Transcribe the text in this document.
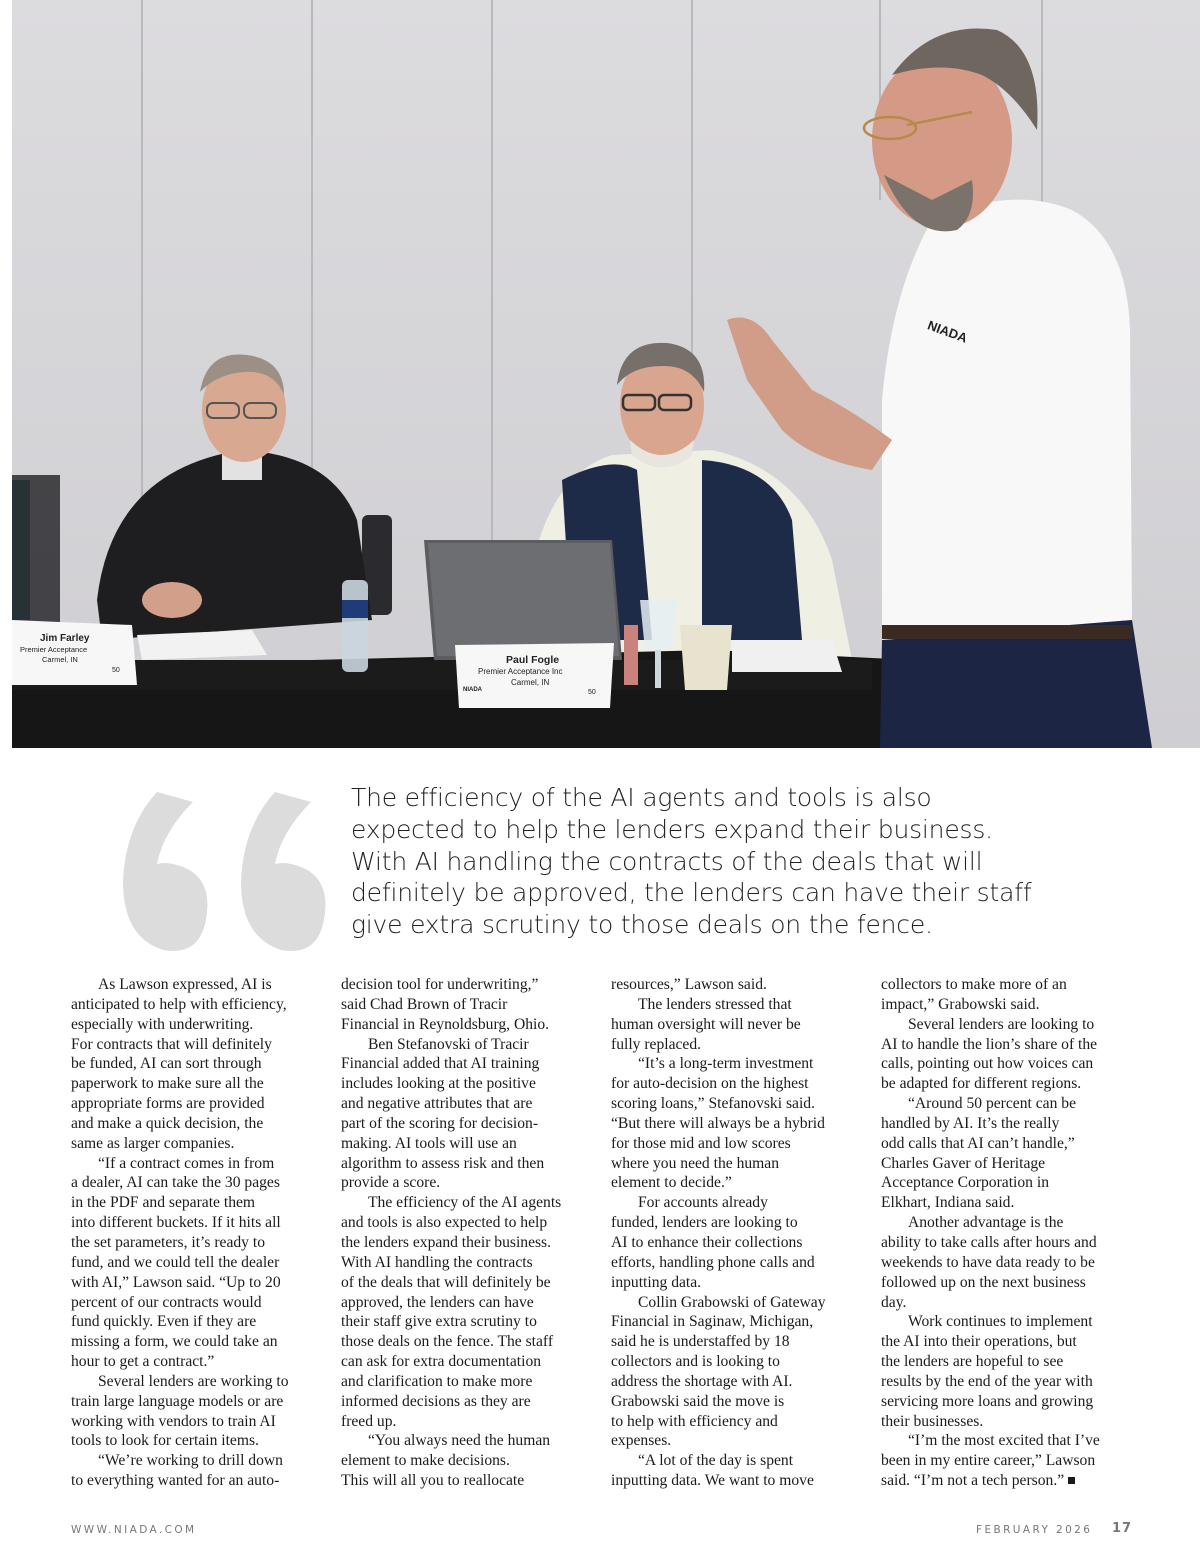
Jim Farley
Premier Acceptance
Carmel, IN
50
Paul Fogle
Premier Acceptance Inc
Carmel, IN
NIADA	50
NIADA
The efficiency of the AI agents and tools is also
expected to help the lenders expand their business.
With AI handling the contracts of the deals that will
definitely be approved, the lenders can have their staff
give extra scrutiny to those deals on the fence.
As Lawson expressed, AI is
anticipated to help with efficiency,
especially with underwriting.
For contracts that will definitely
be funded, AI can sort through
paperwork to make sure all the
appropriate forms are provided
and make a quick decision, the
same as larger companies.
“If a contract comes in from
a dealer, AI can take the 30 pages
in the PDF and separate them
into different buckets. If it hits all
the set parameters, it’s ready to
fund, and we could tell the dealer
with AI,” Lawson said. “Up to 20
percent of our contracts would
fund quickly. Even if they are
missing a form, we could take an
hour to get a contract.”
Several lenders are working to
train large language models or are
working with vendors to train AI
tools to look for certain items.
“We’re working to drill down
to everything wanted for an auto-
decision tool for underwriting,”
said Chad Brown of Tracir
Financial in Reynoldsburg, Ohio.
Ben Stefanovski of Tracir
Financial added that AI training
includes looking at the positive
and negative attributes that are
part of the scoring for decision-
making. AI tools will use an
algorithm to assess risk and then
provide a score.
The efficiency of the AI agents
and tools is also expected to help
the lenders expand their business.
With AI handling the contracts
of the deals that will definitely be
approved, the lenders can have
their staff give extra scrutiny to
those deals on the fence. The staff
can ask for extra documentation
and clarification to make more
informed decisions as they are
freed up.
“You always need the human
element to make decisions.
This will all you to reallocate
resources,” Lawson said.
The lenders stressed that
human oversight will never be
fully replaced.
“It’s a long-term investment
for auto-decision on the highest
scoring loans,” Stefanovski said.
“But there will always be a hybrid
for those mid and low scores
where you need the human
element to decide.”
For accounts already
funded, lenders are looking to
AI to enhance their collections
efforts, handling phone calls and
inputting data.
Collin Grabowski of Gateway
Financial in Saginaw, Michigan,
said he is understaffed by 18
collectors and is looking to
address the shortage with AI.
Grabowski said the move is
to help with efficiency and
expenses.
“A lot of the day is spent
inputting data. We want to move
collectors to make more of an
impact,” Grabowski said.
Several lenders are looking to
AI to handle the lion’s share of the
calls, pointing out how voices can
be adapted for different regions.
“Around 50 percent can be
handled by AI. It’s the really
odd calls that AI can’t handle,”
Charles Gaver of Heritage
Acceptance Corporation in
Elkhart, Indiana said.
Another advantage is the
ability to take calls after hours and
weekends to have data ready to be
followed up on the next business
day.
Work continues to implement
the AI into their operations, but
the lenders are hopeful to see
results by the end of the year with
servicing more loans and growing
their businesses.
“I’m the most excited that I’ve
been in my entire career,” Lawson
said. “I’m not a tech person.”
WWW.NIADA.COM	FEBRUARY 2026 17
